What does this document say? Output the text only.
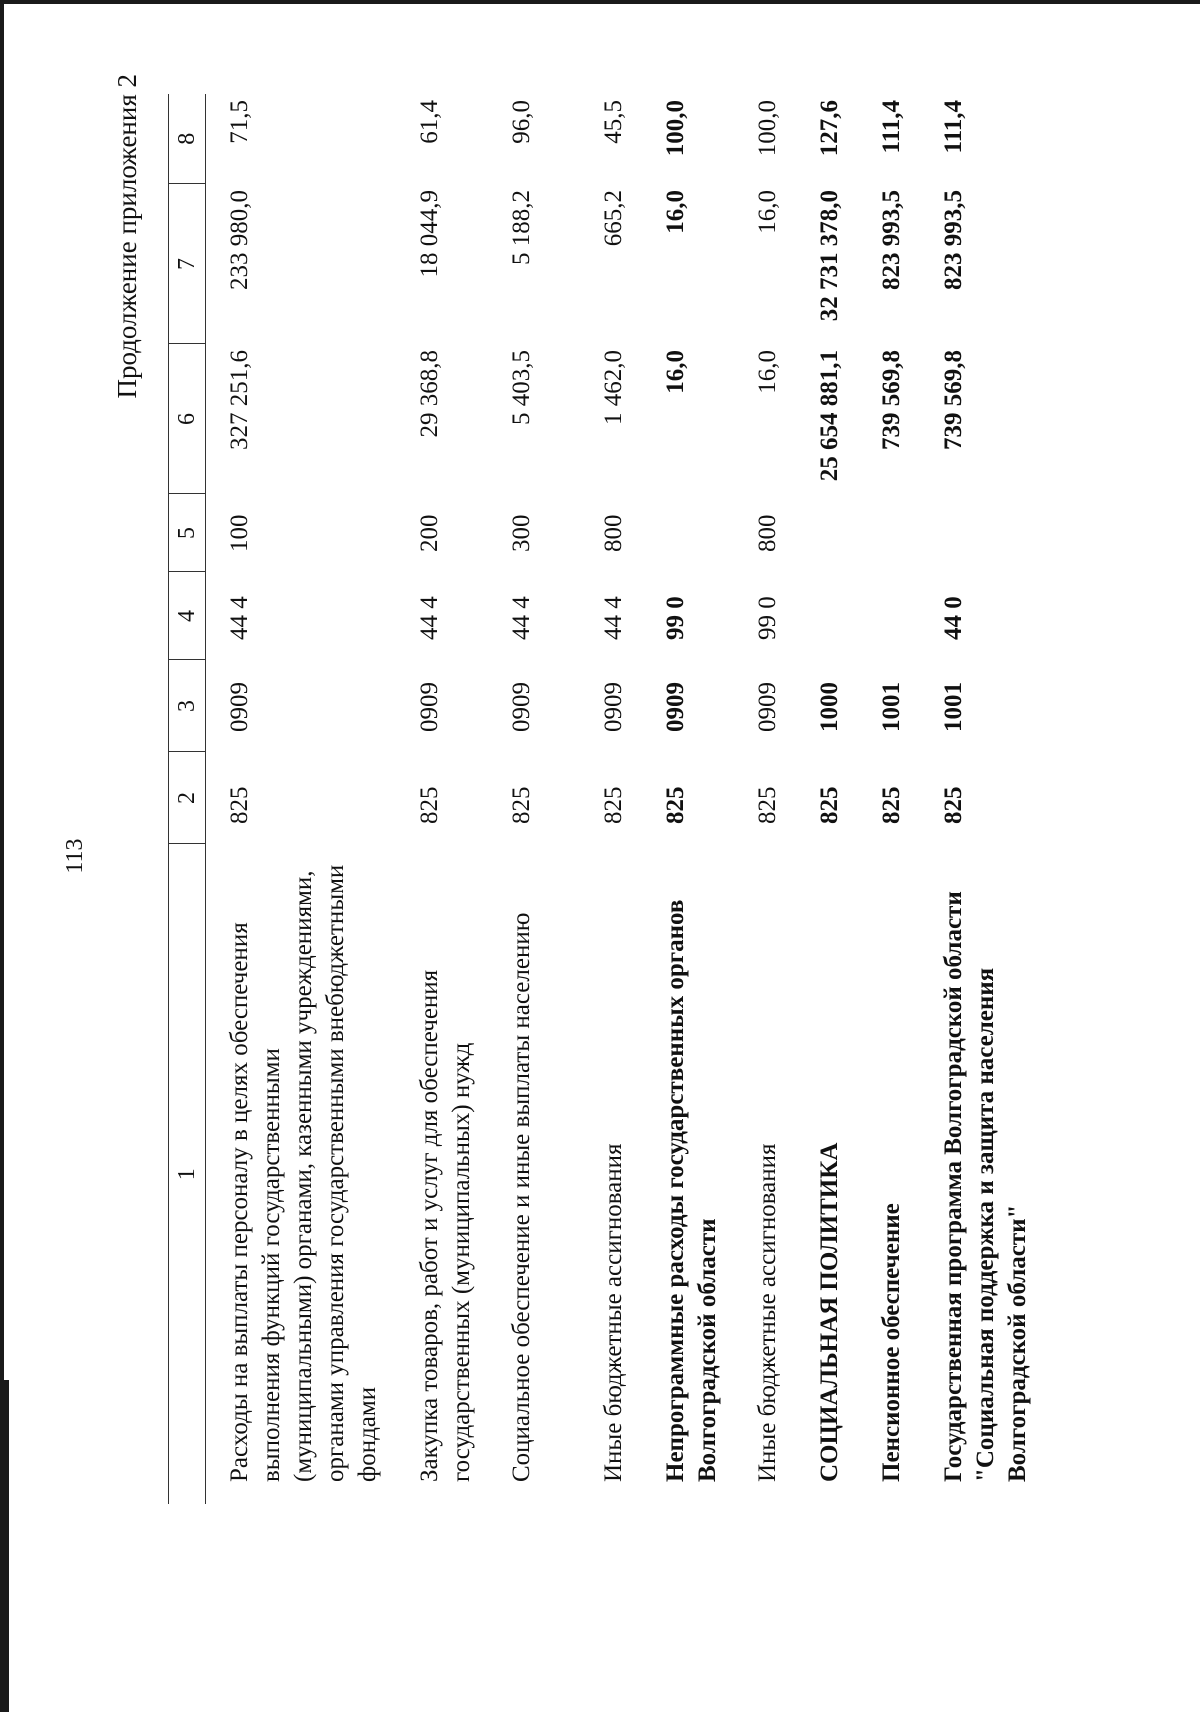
113
Продолжение приложения 2
1	2	3	4	5	6	7	8
Расходы на выплаты персоналу в целях обеспечения выполнения функций государственными (муниципальными) органами, казенными учреждениями, органами управления государственными внебюджетными фондами	825	0909	44 4	100	327 251,6	233 980,0	71,5
Закупка товаров, работ и услуг для обеспечения государственных (муниципальных) нужд	825	0909	44 4	200	29 368,8	18 044,9	61,4
Социальное обеспечение и иные выплаты населению	825	0909	44 4	300	5 403,5	5 188,2	96,0
Иные бюджетные ассигнования	825	0909	44 4	800	1 462,0	665,2	45,5
Непрограммные расходы государственных органов Волгоградской области	825	0909	99 0		16,0	16,0	100,0
Иные бюджетные ассигнования	825	0909	99 0	800	16,0	16,0	100,0
СОЦИАЛЬНАЯ ПОЛИТИКА	825	1000			25 654 881,1	32 731 378,0	127,6
Пенсионное обеспечение	825	1001			739 569,8	823 993,5	111,4
Государственная программа Волгоградской области "Социальная поддержка и защита населения Волгоградской области"	825	1001	44 0		739 569,8	823 993,5	111,4
